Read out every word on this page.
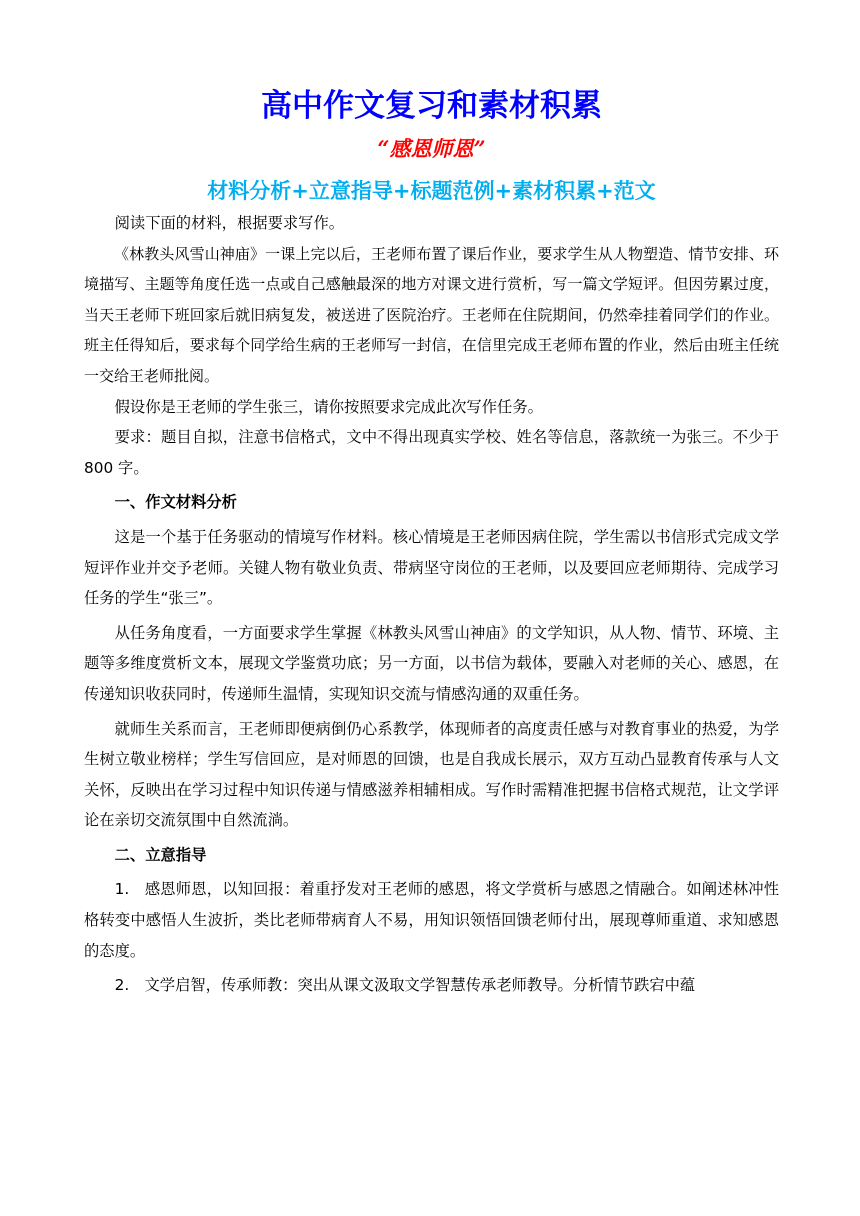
高中作文复习和素材积累
“感恩师恩”
材料分析+立意指导+标题范例+素材积累+范文

阅读下面的材料，根据要求写作。

《林教头风雪山神庙》一课上完以后，王老师布置了课后作业，要求学生从人物塑造、情节安排、环境描写、主题等角度任选一点或自己感触最深的地方对课文进行赏析，写一篇文学短评。但因劳累过度，当天王老师下班回家后就旧病复发，被送进了医院治疗。王老师在住院期间，仍然牵挂着同学们的作业。班主任得知后，要求每个同学给生病的王老师写一封信，在信里完成王老师布置的作业，然后由班主任统一交给王老师批阅。

假设你是王老师的学生张三，请你按照要求完成此次写作任务。

要求：题目自拟，注意书信格式，文中不得出现真实学校、姓名等信息，落款统一为张三。不少于 800 字。

一、作文材料分析

这是一个基于任务驱动的情境写作材料。核心情境是王老师因病住院，学生需以书信形式完成文学短评作业并交予老师。关键人物有敬业负责、带病坚守岗位的王老师，以及要回应老师期待、完成学习任务的学生“张三”。

从任务角度看，一方面要求学生掌握《林教头风雪山神庙》的文学知识，从人物、情节、环境、主题等多维度赏析文本，展现文学鉴赏功底；另一方面，以书信为载体，要融入对老师的关心、感恩，在传递知识收获同时，传递师生温情，实现知识交流与情感沟通的双重任务。

就师生关系而言，王老师即便病倒仍心系教学，体现师者的高度责任感与对教育事业的热爱，为学生树立敬业榜样；学生写信回应，是对师恩的回馈，也是自我成长展示，双方互动凸显教育传承与人文关怀，反映出在学习过程中知识传递与情感滋养相辅相成。写作时需精准把握书信格式规范，让文学评论在亲切交流氛围中自然流淌。

二、立意指导

1.　感恩师恩，以知回报：着重抒发对王老师的感恩，将文学赏析与感恩之情融合。如阐述林冲性格转变中感悟人生波折，类比老师带病育人不易，用知识领悟回馈老师付出，展现尊师重道、求知感恩的态度。

2.　文学启智，传承师教：突出从课文汲取文学智慧传承老师教导。分析情节跌宕中蕴
